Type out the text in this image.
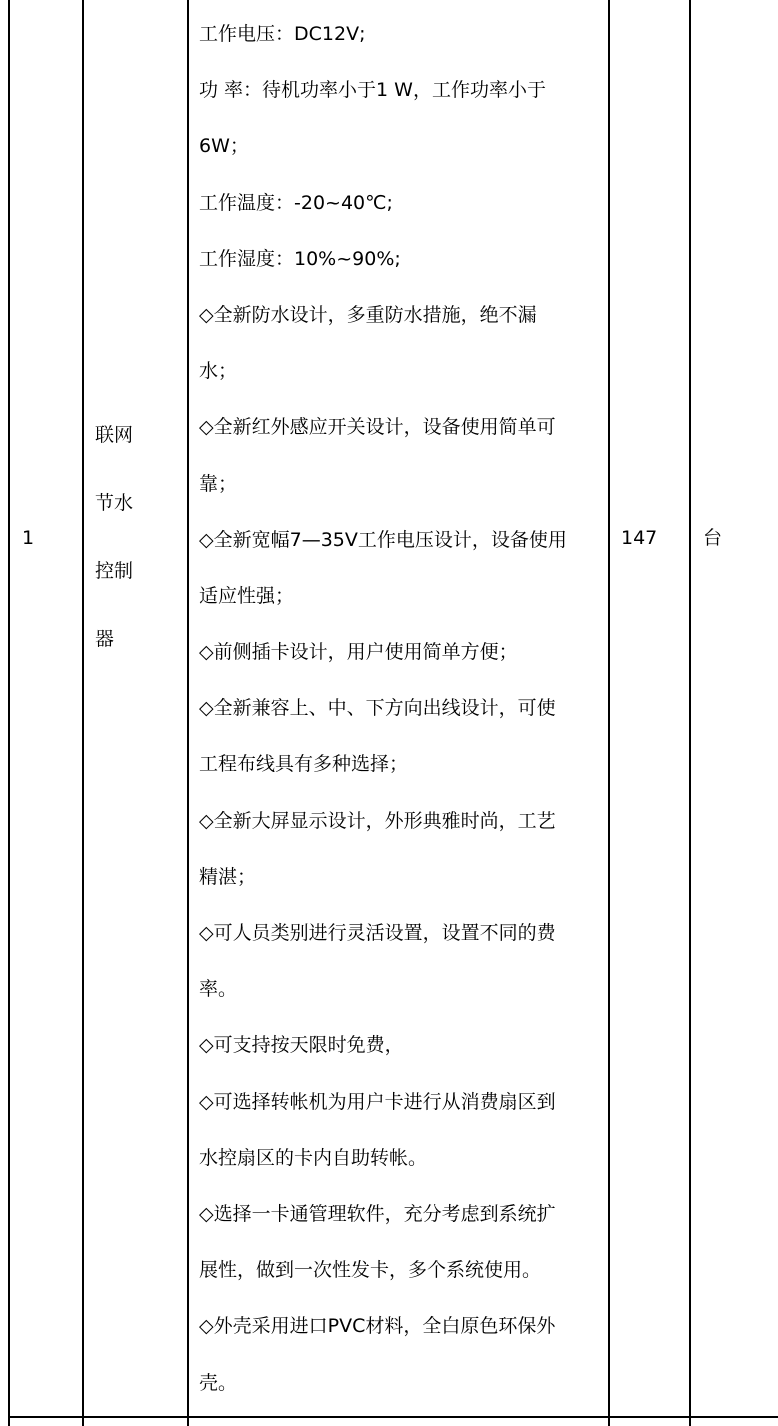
1
联网
节水
控制
器
工作电压：DC12V;
功 率：待机功率小于1 W，工作功率小于
6W；
工作温度：-20~40℃;
工作湿度：10%~90%;
◇全新防水设计，多重防水措施，绝不漏
水；
◇全新红外感应开关设计，设备使用简单可
靠；
◇全新宽幅7—35V工作电压设计，设备使用
适应性强；
◇前侧插卡设计，用户使用简单方便；
◇全新兼容上、中、下方向出线设计，可使
工程布线具有多种选择；
◇全新大屏显示设计，外形典雅时尚，工艺
精湛；
◇可人员类别进行灵活设置，设置不同的费
率。
◇可支持按天限时免费，
◇可选择转帐机为用户卡进行从消费扇区到
水控扇区的卡内自助转帐。
◇选择一卡通管理软件，充分考虑到系统扩
展性，做到一次性发卡，多个系统使用。
◇外壳采用进口PVC材料，全白原色环保外
壳。
147 台
